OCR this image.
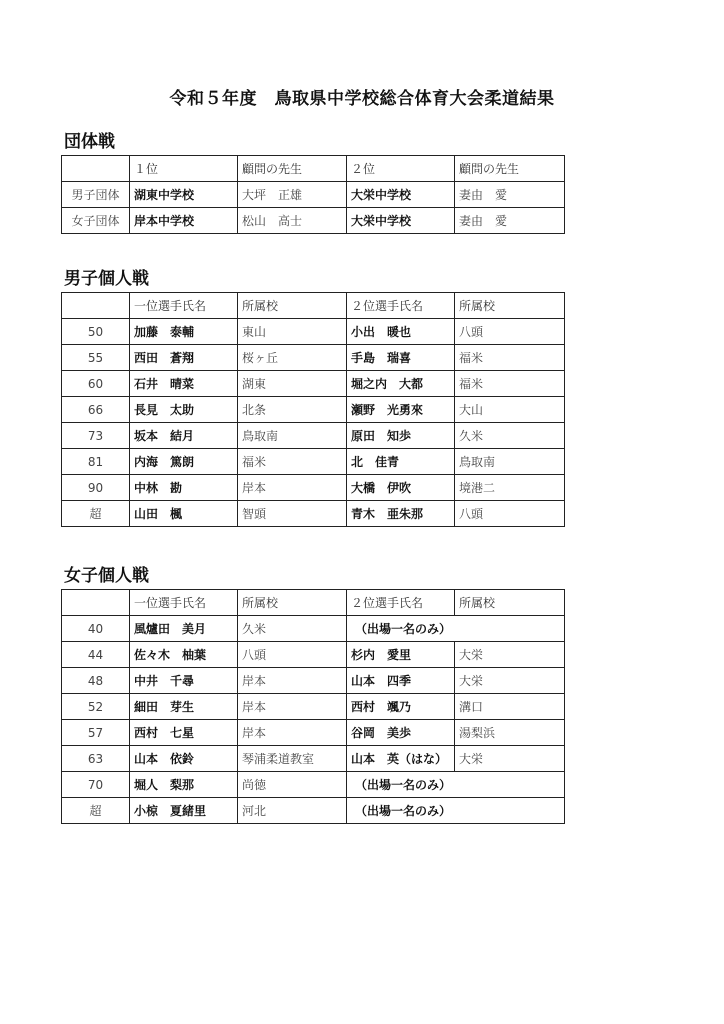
令和５年度　鳥取県中学校総合体育大会柔道結果
団体戦
	１位	顧問の先生	２位	顧問の先生
男子団体	湖東中学校	大坪　正雄	大栄中学校	妻由　愛
女子団体	岸本中学校	松山　高士	大栄中学校	妻由　愛
男子個人戦
	一位選手氏名	所属校	２位選手氏名	所属校
50	加藤　泰輔	東山	小出　暖也	八頭
55	西田　蒼翔	桜ヶ丘	手島　瑞喜	福米
60	石井　晴菜	湖東	堀之内　大都	福米
66	長見　太助	北条	瀬野　光勇來	大山
73	坂本　結月	鳥取南	原田　知歩	久米
81	内海　篤朗	福米	北　佳青	鳥取南
90	中林　勘	岸本	大橋　伊吹	境港二
超	山田　楓	智頭	青木　亜朱那	八頭
女子個人戦
	一位選手氏名	所属校	２位選手氏名	所属校
40	風爐田　美月	久米	（出場一名のみ）	
44	佐々木　柚葉	八頭	杉内　愛里	大栄
48	中井　千尋	岸本	山本　四季	大栄
52	細田　芽生	岸本	西村　颯乃	溝口
57	西村　七星	岸本	谷岡　美歩	湯梨浜
63	山本　依鈴	琴浦柔道教室	山本　英（はな）	大栄
70	堀人　梨那	尚徳	（出場一名のみ）	
超	小椋　夏緒里	河北	（出場一名のみ）	
